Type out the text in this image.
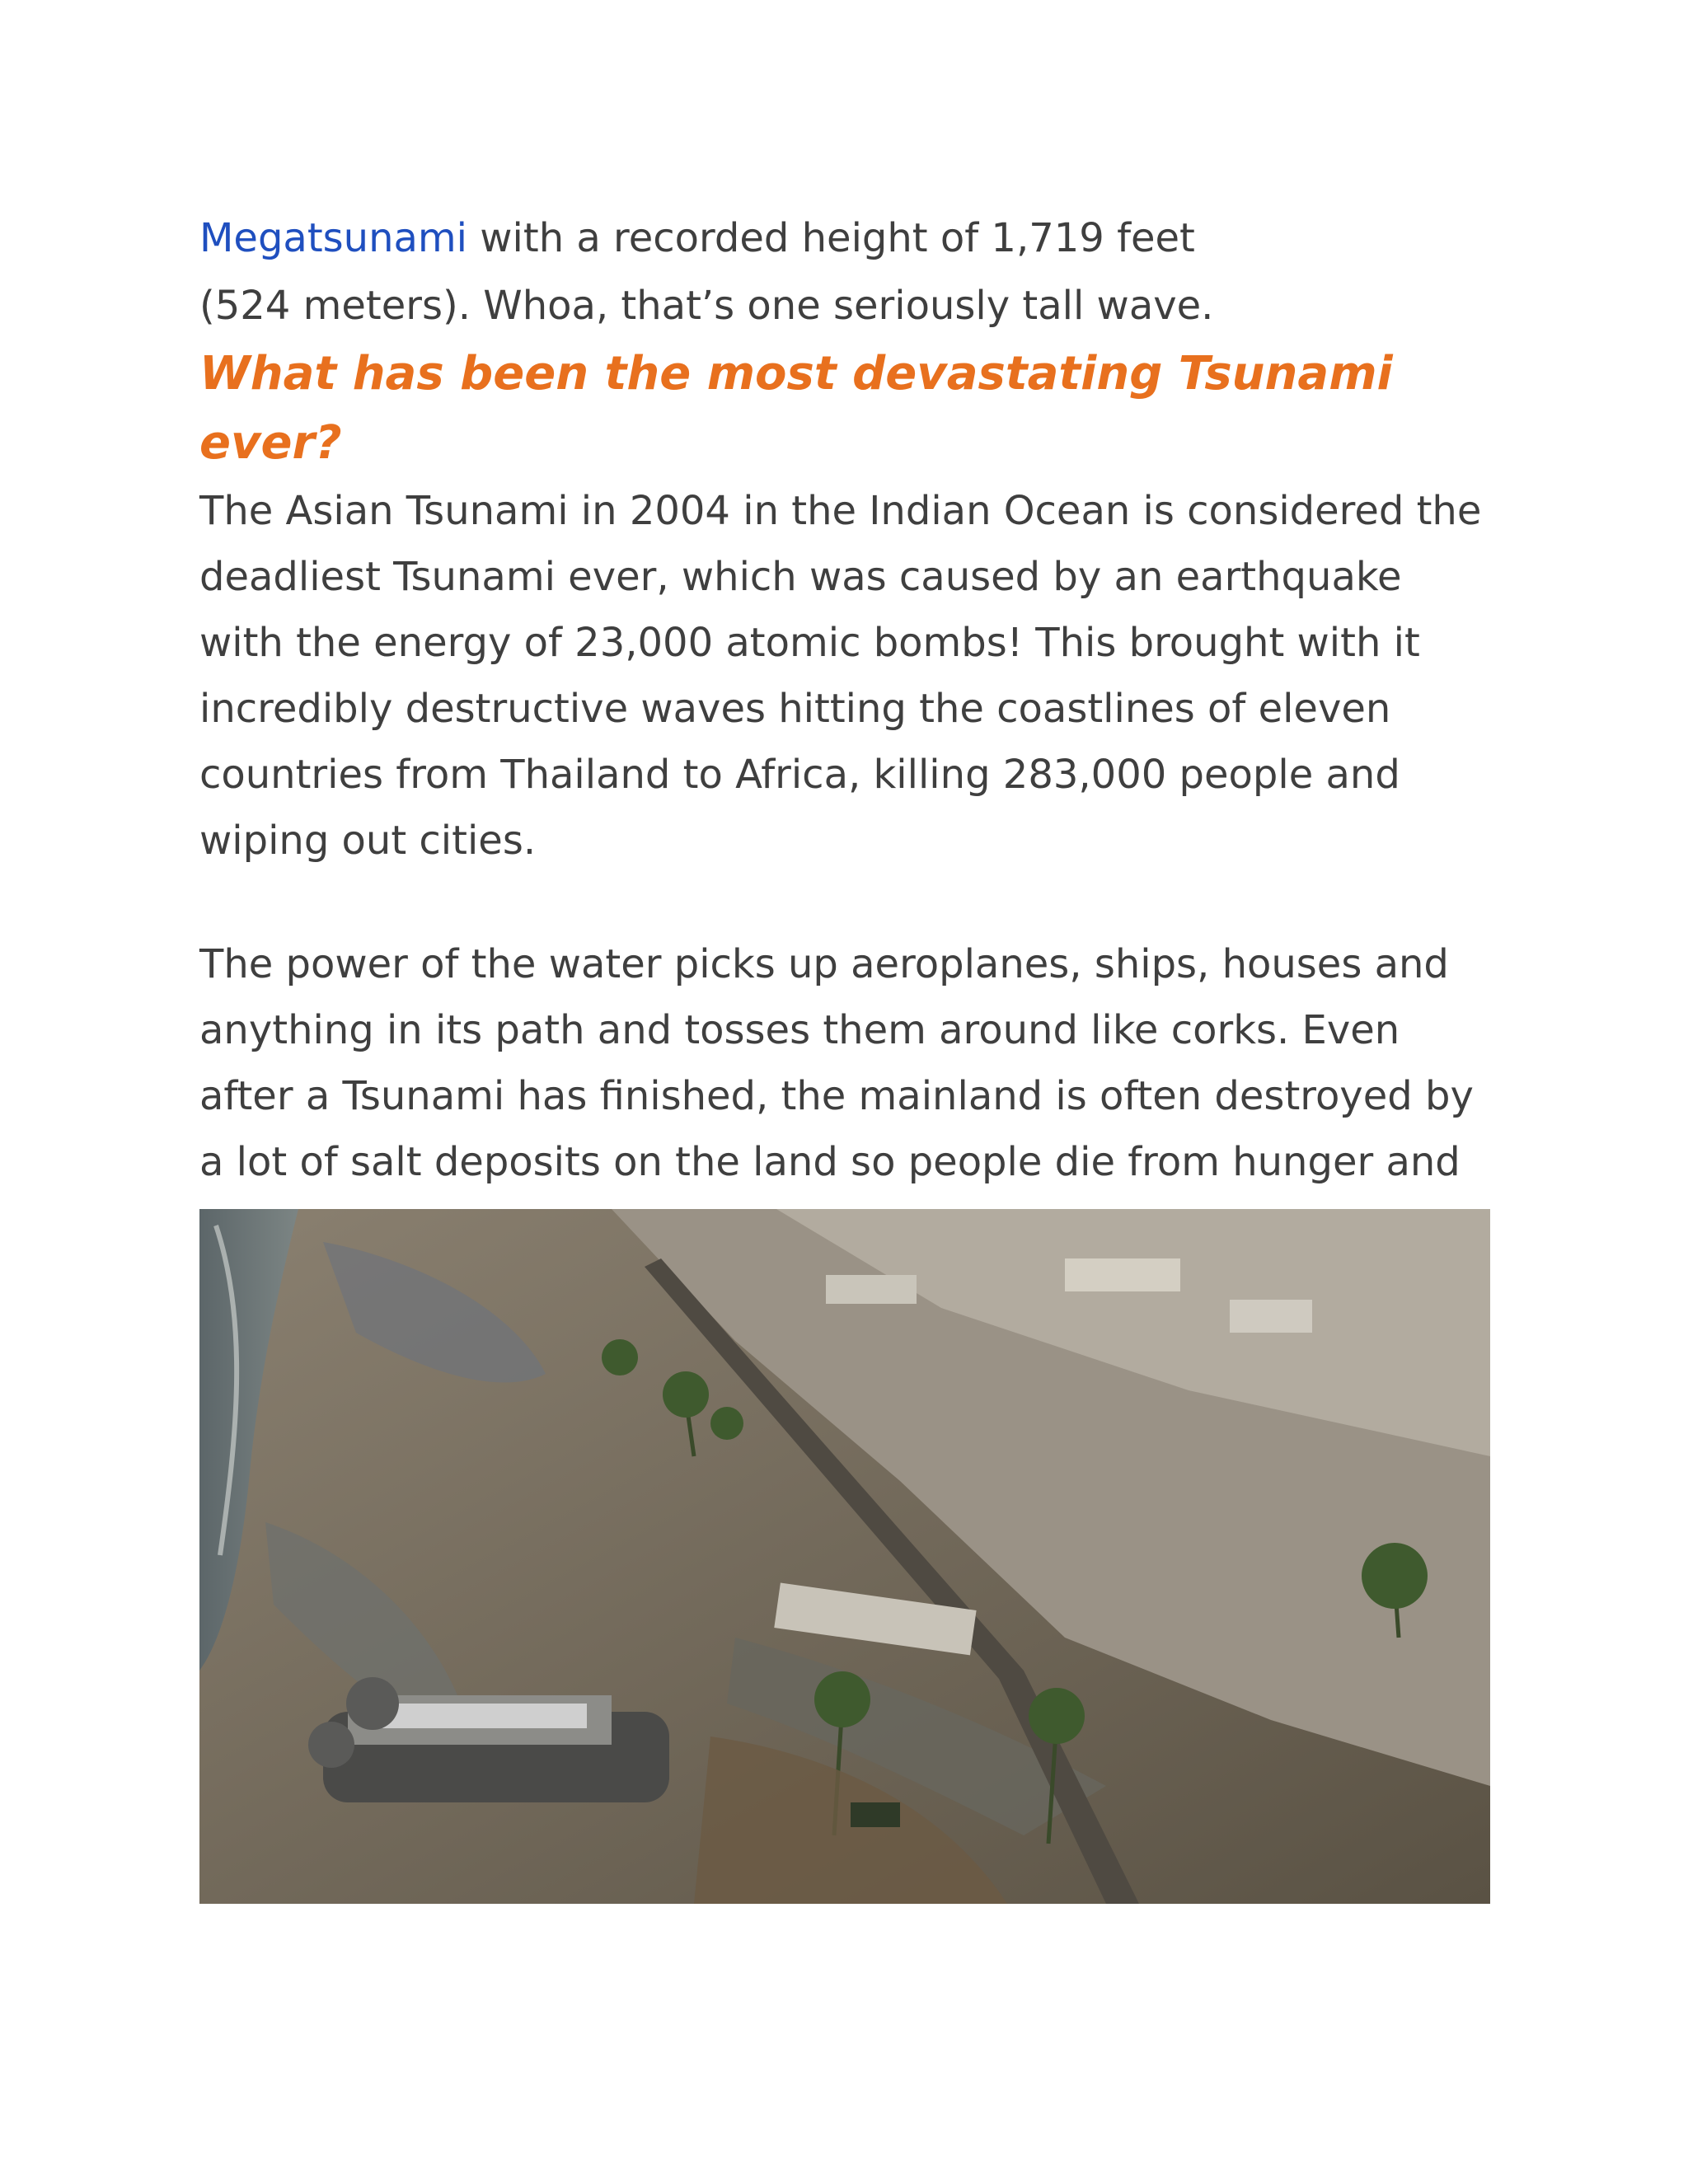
Megatsunami with a recorded height of 1,719 feet
(524 meters). Whoa, that’s one seriously tall wave.

What has been the most devastating Tsunami ever?

The Asian Tsunami in 2004 in the Indian Ocean is considered the deadliest Tsunami ever, which was caused by an earthquake with the energy of 23,000 atomic bombs! This brought with it incredibly destructive waves hitting the coastlines of eleven countries from Thailand to Africa, killing 283,000 people and wiping out cities.

The power of the water picks up aeroplanes, ships, houses and anything in its path and tosses them around like corks. Even after a Tsunami has finished, the mainland is often destroyed by a lot of salt deposits on the land so people die from hunger and
